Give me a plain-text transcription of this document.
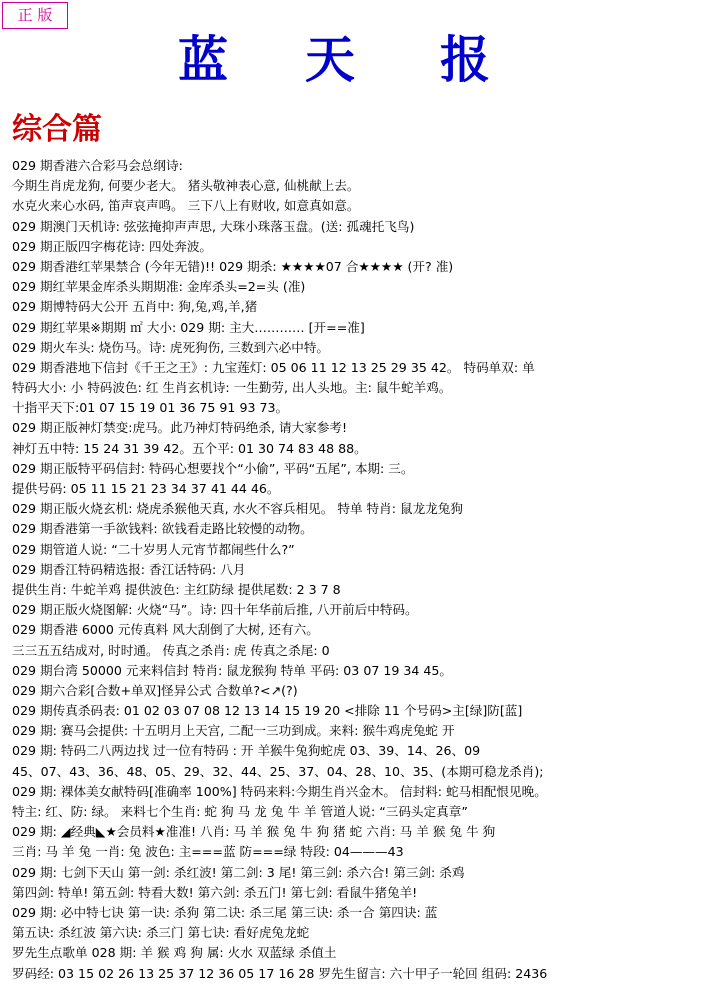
正 版
蓝 天 报
综合篇
029 期香港六合彩马会总纲诗:
今期生肖虎龙狗, 何要少老大。 猪头敬神表心意, 仙桃献上去。
水克火来心水码, 笛声哀声鸣。 三下八上有财收, 如意真如意。
029 期澳门天机诗: 弦弦掩抑声声思, 大珠小珠落玉盘。(送: 孤魂托飞鸟)
029 期正版四字梅花诗: 四处奔波。
029 期香港红苹果禁合 (今年无错)!! 029 期杀: ★★★★07 合★★★★ (开? 准)
029 期红苹果金库杀头期期准: 金库杀头=2=头 (准)
029 期博特码大公开 五肖中: 狗,兔,鸡,羊,猪
029 期红苹果※期期 ㎡ 大小: 029 期: 主大………… [开==准]
029 期火车头: 烧伤马。诗: 虎死狗伤, 三数到六必中特。
029 期香港地下信封《千王之王》: 九宝莲灯: 05 06 11 12 13 25 29 35 42。 特码单双: 单
特码大小: 小 特码波色: 红 生肖玄机诗: 一生勤劳, 出人头地。主: 鼠牛蛇羊鸡。
十指平天下:01 07 15 19 01 36 75 91 93 73。
029 期正版神灯禁变:虎马。此乃神灯特码绝杀, 请大家参考!
神灯五中特: 15 24 31 39 42。五个平: 01 30 74 83 48 88。
029 期正版特平码信封: 特码心想要找个“小偷”, 平码“五尾”, 本期: 三。
提供号码: 05 11 15 21 23 34 37 41 44 46。
029 期正版火烧玄机: 烧虎杀猴他天真, 水火不容兵相见。 特单 特肖: 鼠龙龙兔狗
029 期香港第一手欲钱料: 欲钱看走路比较慢的动物。
029 期管道人说: “二十岁男人元宵节都闹些什么?”
029 期香江特码精选报: 香江话特码: 八月
提供生肖: 牛蛇羊鸡 提供波色: 主红防绿 提供尾数: 2 3 7 8
029 期正版火烧图解: 火烧“马”。诗: 四十年华前后推, 八开前后中特码。
029 期香港 6000 元传真料 风大刮倒了大树, 还有六。
三三五五结成对, 时时通。 传真之杀肖: 虎 传真之杀尾: 0
029 期台湾 50000 元来料信封 特肖: 鼠龙猴狗 特单 平码: 03 07 19 34 45。
029 期六合彩[合数+单双]怪异公式 合数单?<↗(?)
029 期传真杀码表: 01 02 03 07 08 12 13 14 15 19 20 <排除 11 个号码>主[绿]防[蓝]
029 期: 赛马会提供: 十五明月上天宫, 二配一三功到成。来料: 猴牛鸡虎兔蛇 开
029 期: 特码二八两边找 过一位有特码 : 开 羊猴牛兔狗蛇虎 03、39、14、26、09
45、07、43、36、48、05、29、32、44、25、37、04、28、10、35、(本期可稳龙杀肖);
029 期: 裸体美女献特码[准确率 100%] 特码来料:今期生肖兴金木。 信封料: 蛇马相配恨见晚。
特主: 红、防: 绿。 来料七个生肖: 蛇 狗 马 龙 兔 牛 羊 管道人说: “三码头定真章”
029 期: ◢经典◣★会员料★准准! 八肖: 马 羊 猴 兔 牛 狗 猪 蛇 六肖: 马 羊 猴 兔 牛 狗
三肖: 马 羊 兔 一肖: 兔 波色: 主===蓝 防===绿 特段: 04———43
029 期: 七剑下天山 第一剑: 杀红波! 第二剑: 3 尾! 第三剑: 杀六合! 第三剑: 杀鸡
第四剑: 特单! 第五剑: 特看大数! 第六剑: 杀五门! 第七剑: 看鼠牛猪兔羊!
029 期: 必中特七诀 第一诀: 杀狗 第二诀: 杀三尾 第三诀: 杀一合 第四诀: 蓝
第五诀: 杀红波 第六诀: 杀三门 第七诀: 看好虎兔龙蛇
罗先生点歌单 028 期: 羊 猴 鸡 狗 属: 火水 双蓝绿 杀值土
罗码经: 03 15 02 26 13 25 37 12 36 05 17 16 28 罗先生留言: 六十甲子一轮回 组码: 2436
